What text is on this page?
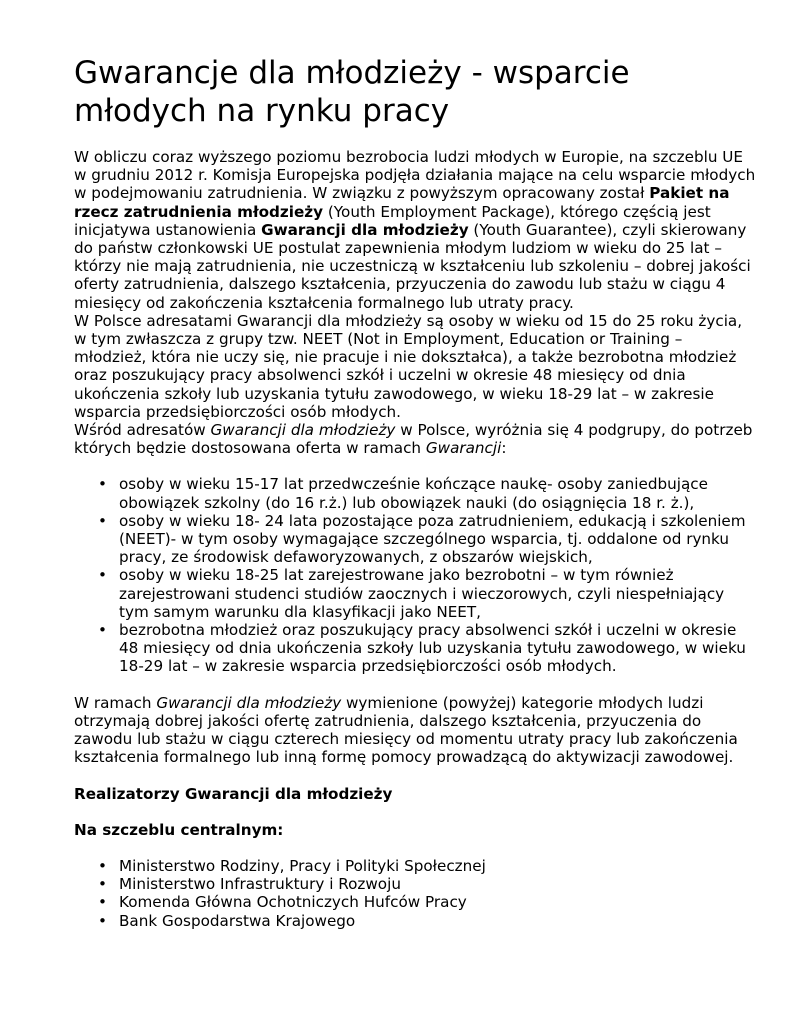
Gwarancje dla młodzieży - wsparcie młodych na rynku pracy

W obliczu coraz wyższego poziomu bezrobocia ludzi młodych w Europie, na szczeblu UE

w grudniu 2012 r. Komisja Europejska podjęła działania mające na celu wsparcie młodych

w podejmowaniu zatrudnienia. W związku z powyższym opracowany został Pakiet na rzecz zatrudnienia młodzieży (Youth Employment Package), którego częścią jest inicjatywa ustanowienia Gwarancji dla młodzieży (Youth Guarantee), czyli skierowany do państw członkowski UE postulat zapewnienia młodym ludziom w wieku do 25 lat – którzy nie mają zatrudnienia, nie uczestniczą w kształceniu lub szkoleniu – dobrej jakości oferty zatrudnienia, dalszego kształcenia, przyuczenia do zawodu lub stażu w ciągu 4 miesięcy od zakończenia kształcenia formalnego lub utraty pracy.

W Polsce adresatami Gwarancji dla młodzieży są osoby w wieku od 15 do 25 roku życia, w tym zwłaszcza z grupy tzw. NEET (Not in Employment, Education or Training – młodzież, która nie uczy się, nie pracuje i nie dokształca), a także bezrobotna młodzież oraz poszukujący pracy absolwenci szkół i uczelni w okresie 48 miesięcy od dnia ukończenia szkoły lub uzyskania tytułu zawodowego, w wieku 18-29 lat – w zakresie wsparcia przedsiębiorczości osób młodych.

Wśród adresatów Gwarancji dla młodzieży w Polsce, wyróżnia się 4 podgrupy, do potrzeb których będzie dostosowana oferta w ramach Gwarancji:

• osoby w wieku 15-17 lat przedwcześnie kończące naukę- osoby zaniedbujące obowiązek szkolny (do 16 r.ż.) lub obowiązek nauki (do osiągnięcia 18 r. ż.),
• osoby w wieku 18- 24 lata pozostające poza zatrudnieniem, edukacją i szkoleniem (NEET)- w tym osoby wymagające szczególnego wsparcia, tj. oddalone od rynku pracy, ze środowisk defaworyzowanych, z obszarów wiejskich,
• osoby w wieku 18-25 lat zarejestrowane jako bezrobotni – w tym również zarejestrowani studenci studiów zaocznych i wieczorowych, czyli niespełniający tym samym warunku dla klasyfikacji jako NEET,
• bezrobotna młodzież oraz poszukujący pracy absolwenci szkół i uczelni w okresie 48 miesięcy od dnia ukończenia szkoły lub uzyskania tytułu zawodowego, w wieku 18-29 lat – w zakresie wsparcia przedsiębiorczości osób młodych.

W ramach Gwarancji dla młodzieży wymienione (powyżej) kategorie młodych ludzi otrzymają dobrej jakości ofertę zatrudnienia, dalszego kształcenia, przyuczenia do zawodu lub stażu w ciągu czterech miesięcy od momentu utraty pracy lub zakończenia kształcenia formalnego lub inną formę pomocy prowadzącą do aktywizacji zawodowej.

Realizatorzy Gwarancji dla młodzieży

Na szczeblu centralnym:

• Ministerstwo Rodziny, Pracy i Polityki Społecznej
• Ministerstwo Infrastruktury i Rozwoju
• Komenda Główna Ochotniczych Hufców Pracy
• Bank Gospodarstwa Krajowego
